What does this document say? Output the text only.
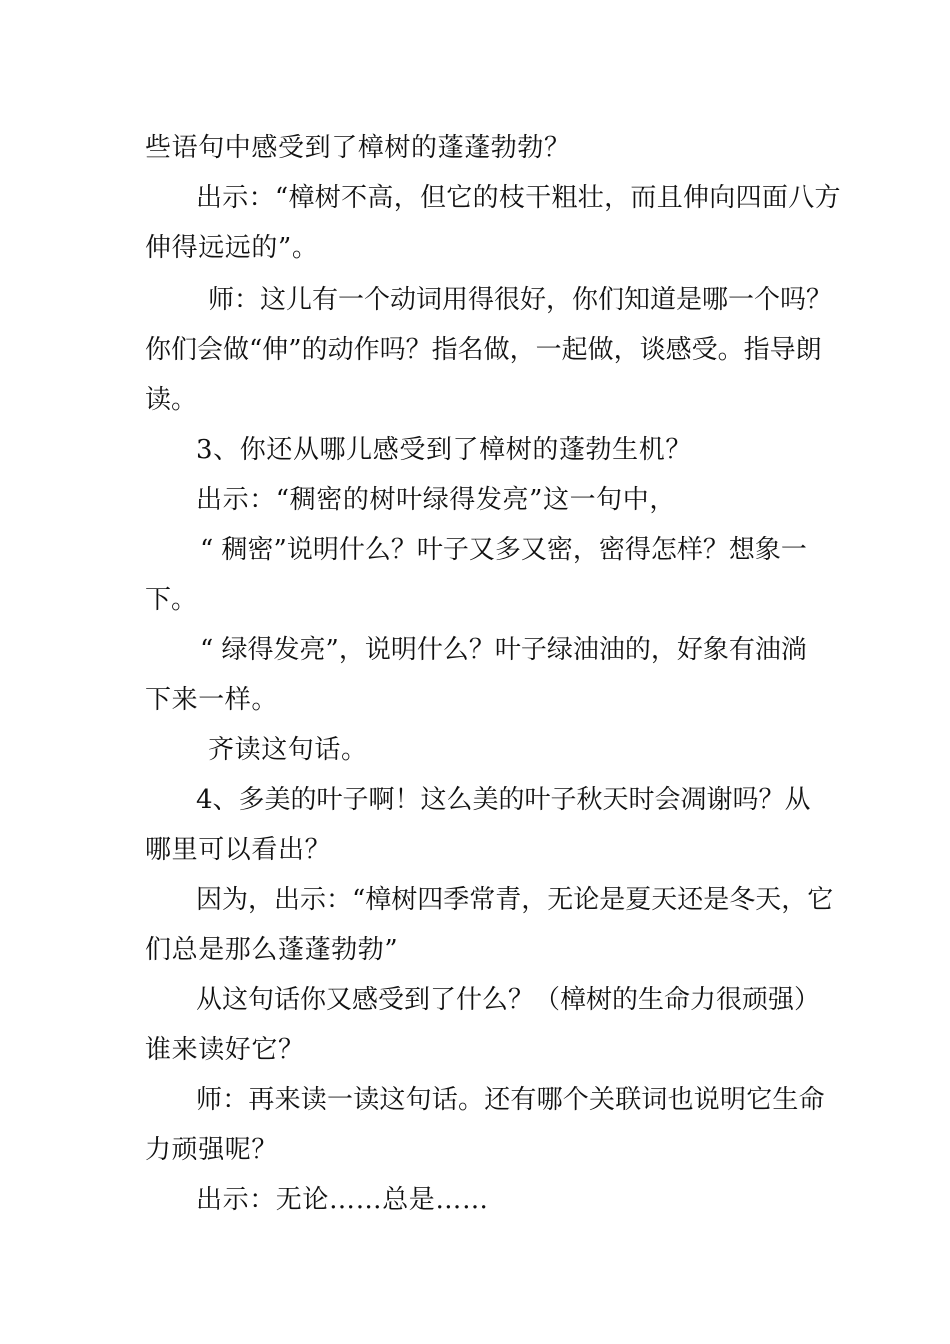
些语句中感受到了樟树的蓬蓬勃勃？
出示：“樟树不高，但它的枝干粗壮，而且伸向四面八方
伸得远远的”。
师：这儿有一个动词用得很好，你们知道是哪一个吗？
你们会做“伸”的动作吗？指名做，一起做，谈感受。指导朗
读。
3、你还从哪儿感受到了樟树的蓬勃生机？
出示：“稠密的树叶绿得发亮”这一句中，
“ 稠密”说明什么？叶子又多又密，密得怎样？想象一
下。
“ 绿得发亮”，说明什么？叶子绿油油的，好象有油淌
下来一样。
齐读这句话。
4、多美的叶子啊！这么美的叶子秋天时会凋谢吗？从
哪里可以看出？
因为，出示：“樟树四季常青，无论是夏天还是冬天，它
们总是那么蓬蓬勃勃”
从这句话你又感受到了什么？（樟树的生命力很顽强）
谁来读好它？
师：再来读一读这句话。还有哪个关联词也说明它生命
力顽强呢？
出示：无论……总是……
